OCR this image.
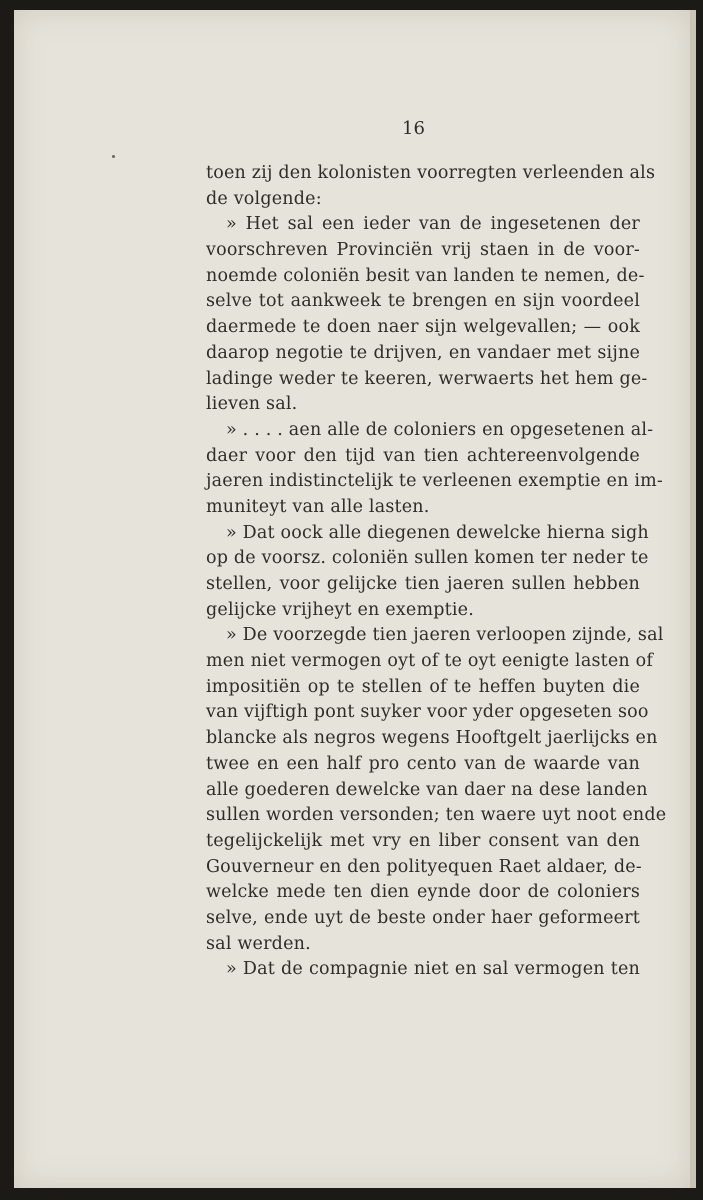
16
toen zij den kolonisten voorregten verleenden als
de volgende:
» Het sal een ieder van de ingesetenen der
voorschreven Provinciën vrij staen in de voor-
noemde coloniën besit van landen te nemen, de-
selve tot aankweek te brengen en sijn voordeel
daermede te doen naer sijn welgevallen; — ook
daarop negotie te drijven, en vandaer met sijne
ladinge weder te keeren, werwaerts het hem ge-
lieven sal.
» . . . . aen alle de coloniers en opgesetenen al-
daer voor den tijd van tien achtereenvolgende
jaeren indistinctelijk te verleenen exemptie en im-
muniteyt van alle lasten.
» Dat oock alle diegenen dewelcke hierna sigh
op de voorsz. coloniën sullen komen ter neder te
stellen, voor gelijcke tien jaeren sullen hebben
gelijcke vrijheyt en exemptie.
» De voorzegde tien jaeren verloopen zijnde, sal
men niet vermogen oyt of te oyt eenigte lasten of
impositiën op te stellen of te heffen buyten die
van vijftigh pont suyker voor yder opgeseten soo
blancke als negros wegens Hooftgelt jaerlijcks en
twee en een half pro cento van de waarde van
alle goederen dewelcke van daer na dese landen
sullen worden versonden; ten waere uyt noot ende
tegelijckelijk met vry en liber consent van den
Gouverneur en den polityequen Raet aldaer, de-
welcke mede ten dien eynde door de coloniers
selve, ende uyt de beste onder haer geformeert
sal werden.
» Dat de compagnie niet en sal vermogen ten
